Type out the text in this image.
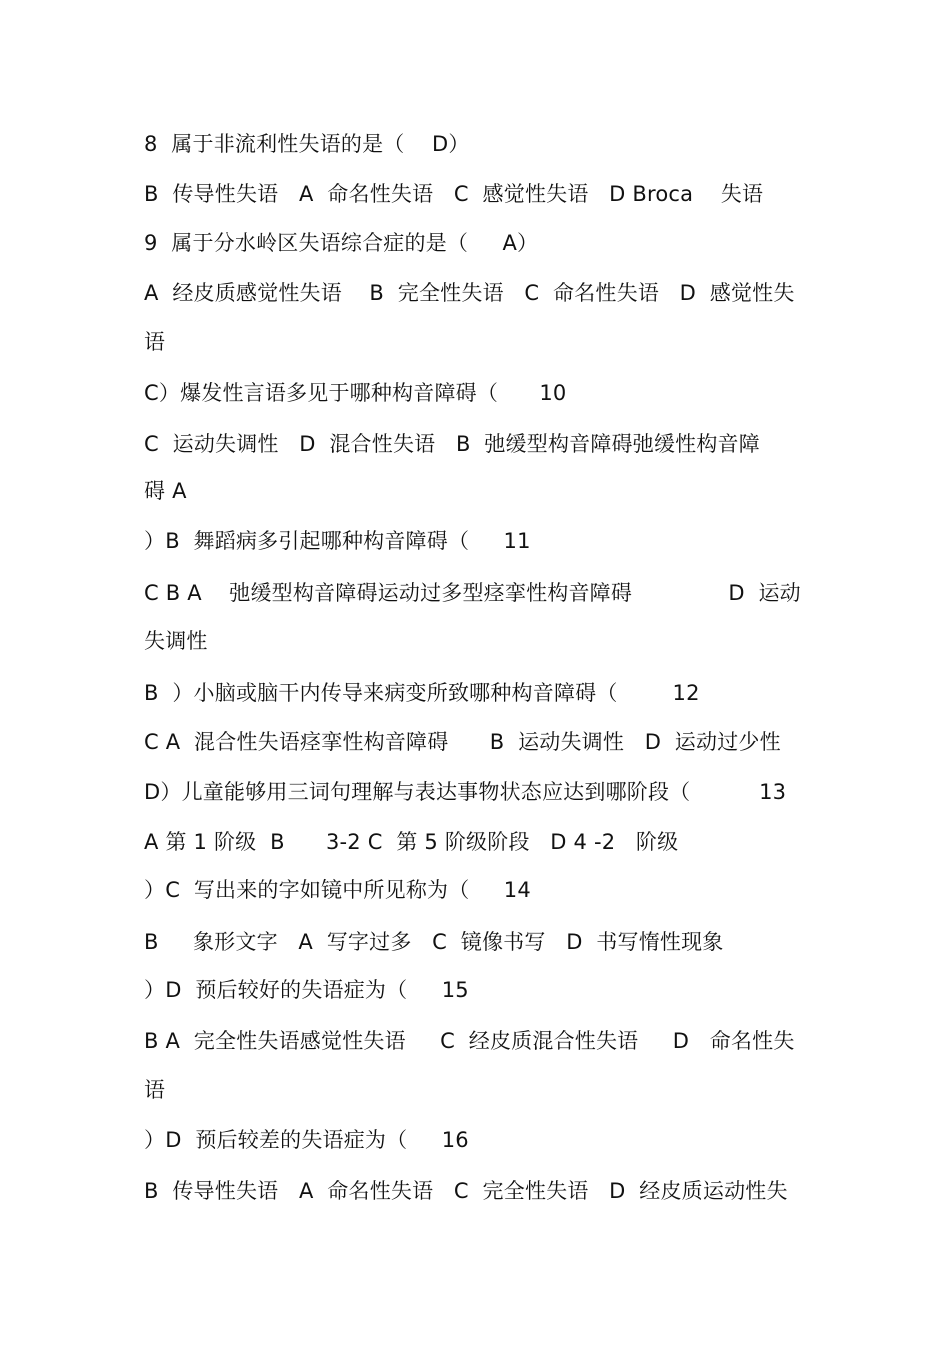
8  属于非流利性失语的是（    D）
B  传导性失语   A  命名性失语   C  感觉性失语   D Broca    失语
9  属于分水岭区失语综合症的是（     A）
A  经皮质感觉性失语    B  完全性失语   C  命名性失语   D  感觉性失
语
C）爆发性言语多见于哪种构音障碍（      10
C  运动失调性   D  混合性失语   B  弛缓型构音障碍弛缓性构音障
碍 A
）B  舞蹈病多引起哪种构音障碍（     11
C B A    弛缓型构音障碍运动过多型痉挛性构音障碍              D  运动
失调性
B  ）小脑或脑干内传导来病变所致哪种构音障碍（        12
C A  混合性失语痉挛性构音障碍      B  运动失调性   D  运动过少性
D）儿童能够用三词句理解与表达事物状态应达到哪阶段（          13
A 第 1 阶级  B      3-2 C  第 5 阶级阶段   D 4 -2   阶级
）C  写出来的字如镜中所见称为（     14
B     象形文字   A  写字过多   C  镜像书写   D  书写惰性现象
）D  预后较好的失语症为（     15
B A  完全性失语感觉性失语     C  经皮质混合性失语     D   命名性失
语
）D  预后较差的失语症为（     16
B  传导性失语   A  命名性失语   C  完全性失语   D  经皮质运动性失
